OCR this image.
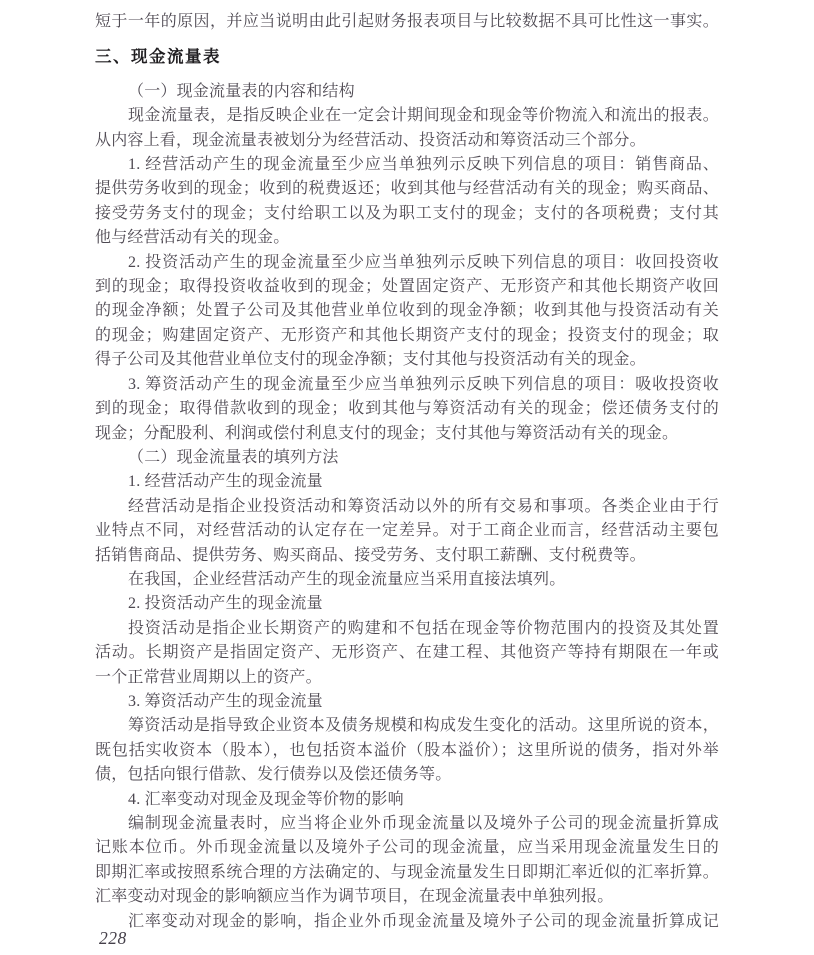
短于一年的原因，并应当说明由此引起财务报表项目与比较数据不具可比性这一事实。
三、现金流量表
（一）现金流量表的内容和结构
现金流量表，是指反映企业在一定会计期间现金和现金等价物流入和流出的报表。
从内容上看，现金流量表被划分为经营活动、投资活动和筹资活动三个部分。
1. 经营活动产生的现金流量至少应当单独列示反映下列信息的项目：销售商品、
提供劳务收到的现金；收到的税费返还；收到其他与经营活动有关的现金；购买商品、
接受劳务支付的现金；支付给职工以及为职工支付的现金；支付的各项税费；支付其
他与经营活动有关的现金。
2. 投资活动产生的现金流量至少应当单独列示反映下列信息的项目：收回投资收
到的现金；取得投资收益收到的现金；处置固定资产、无形资产和其他长期资产收回
的现金净额；处置子公司及其他营业单位收到的现金净额；收到其他与投资活动有关
的现金；购建固定资产、无形资产和其他长期资产支付的现金；投资支付的现金；取
得子公司及其他营业单位支付的现金净额；支付其他与投资活动有关的现金。
3. 筹资活动产生的现金流量至少应当单独列示反映下列信息的项目：吸收投资收
到的现金；取得借款收到的现金；收到其他与筹资活动有关的现金；偿还债务支付的
现金；分配股利、利润或偿付利息支付的现金；支付其他与筹资活动有关的现金。
（二）现金流量表的填列方法
1. 经营活动产生的现金流量
经营活动是指企业投资活动和筹资活动以外的所有交易和事项。各类企业由于行
业特点不同，对经营活动的认定存在一定差异。对于工商企业而言，经营活动主要包
括销售商品、提供劳务、购买商品、接受劳务、支付职工薪酬、支付税费等。
在我国，企业经营活动产生的现金流量应当采用直接法填列。
2. 投资活动产生的现金流量
投资活动是指企业长期资产的购建和不包括在现金等价物范围内的投资及其处置
活动。长期资产是指固定资产、无形资产、在建工程、其他资产等持有期限在一年或
一个正常营业周期以上的资产。
3. 筹资活动产生的现金流量
筹资活动是指导致企业资本及债务规模和构成发生变化的活动。这里所说的资本，
既包括实收资本（股本），也包括资本溢价（股本溢价）；这里所说的债务，指对外举
债，包括向银行借款、发行债券以及偿还债务等。
4. 汇率变动对现金及现金等价物的影响
编制现金流量表时，应当将企业外币现金流量以及境外子公司的现金流量折算成
记账本位币。外币现金流量以及境外子公司的现金流量，应当采用现金流量发生日的
即期汇率或按照系统合理的方法确定的、与现金流量发生日即期汇率近似的汇率折算。
汇率变动对现金的影响额应当作为调节项目，在现金流量表中单独列报。
汇率变动对现金的影响，指企业外币现金流量及境外子公司的现金流量折算成记
228
